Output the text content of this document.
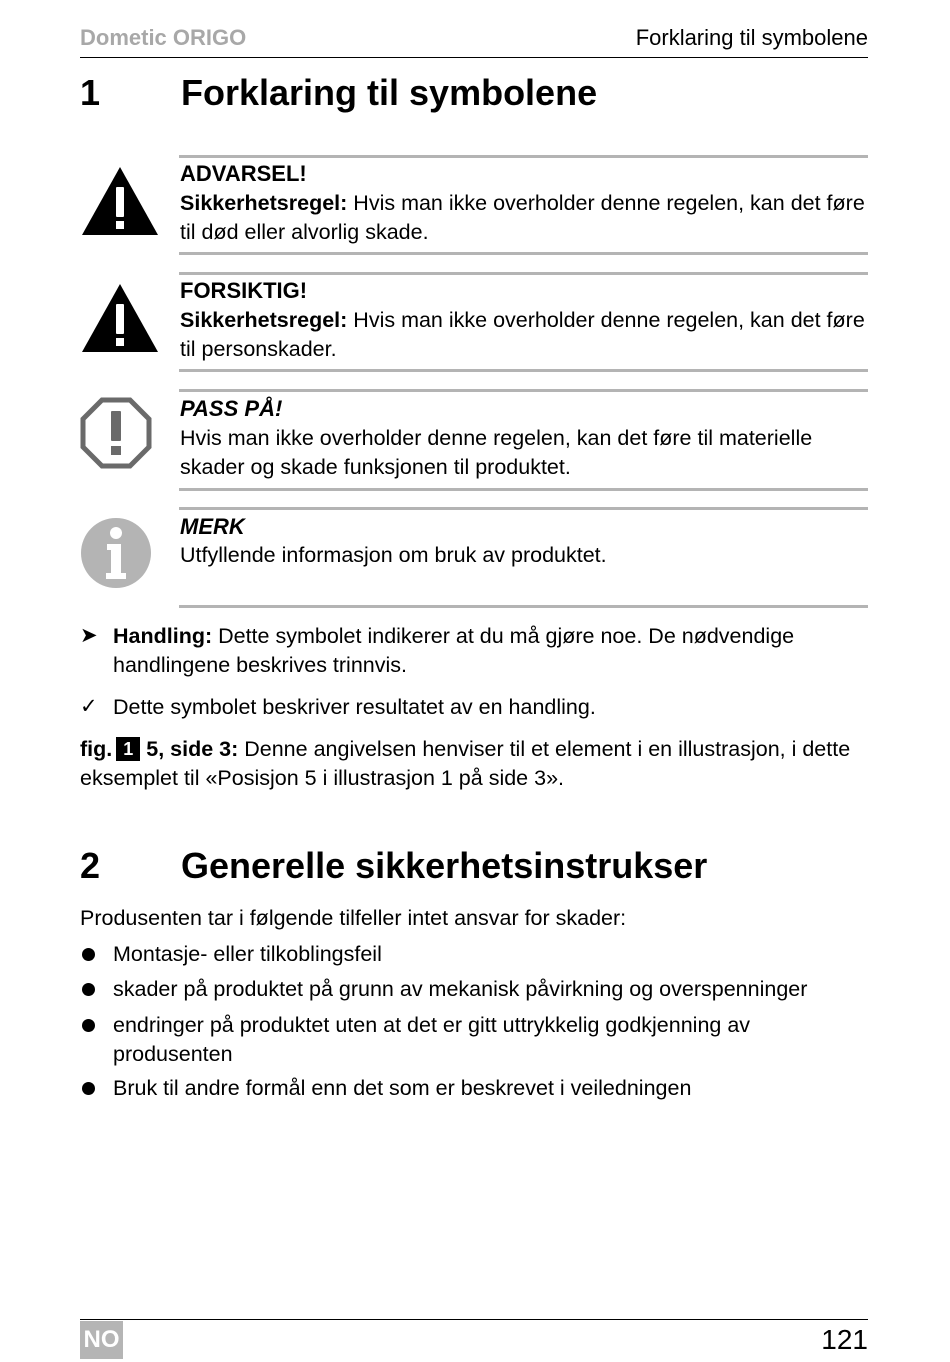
Dometic ORIGO	Forklaring til symbolene
1 Forklaring til symbolene
ADVARSEL!
Sikkerhetsregel: Hvis man ikke overholder denne regelen, kan det føre til død eller alvorlig skade.
FORSIKTIG!
Sikkerhetsregel: Hvis man ikke overholder denne regelen, kan det føre til personskader.
PASS PÅ!
Hvis man ikke overholder denne regelen, kan det føre til materielle skader og skade funksjonen til produktet.
MERK
Utfyllende informasjon om bruk av produktet.
➤ Handling: Dette symbolet indikerer at du må gjøre noe. De nødvendige handlingene beskrives trinnvis.
✓ Dette symbolet beskriver resultatet av en handling.
fig. 1 5, side 3: Denne angivelsen henviser til et element i en illustrasjon, i dette eksemplet til «Posisjon 5 i illustrasjon 1 på side 3».
2 Generelle sikkerhetsinstrukser
Produsenten tar i følgende tilfeller intet ansvar for skader:
Montasje- eller tilkoblingsfeil
skader på produktet på grunn av mekanisk påvirkning og overspenninger
endringer på produktet uten at det er gitt uttrykkelig godkjenning av produsenten
Bruk til andre formål enn det som er beskrevet i veiledningen
NO	121
